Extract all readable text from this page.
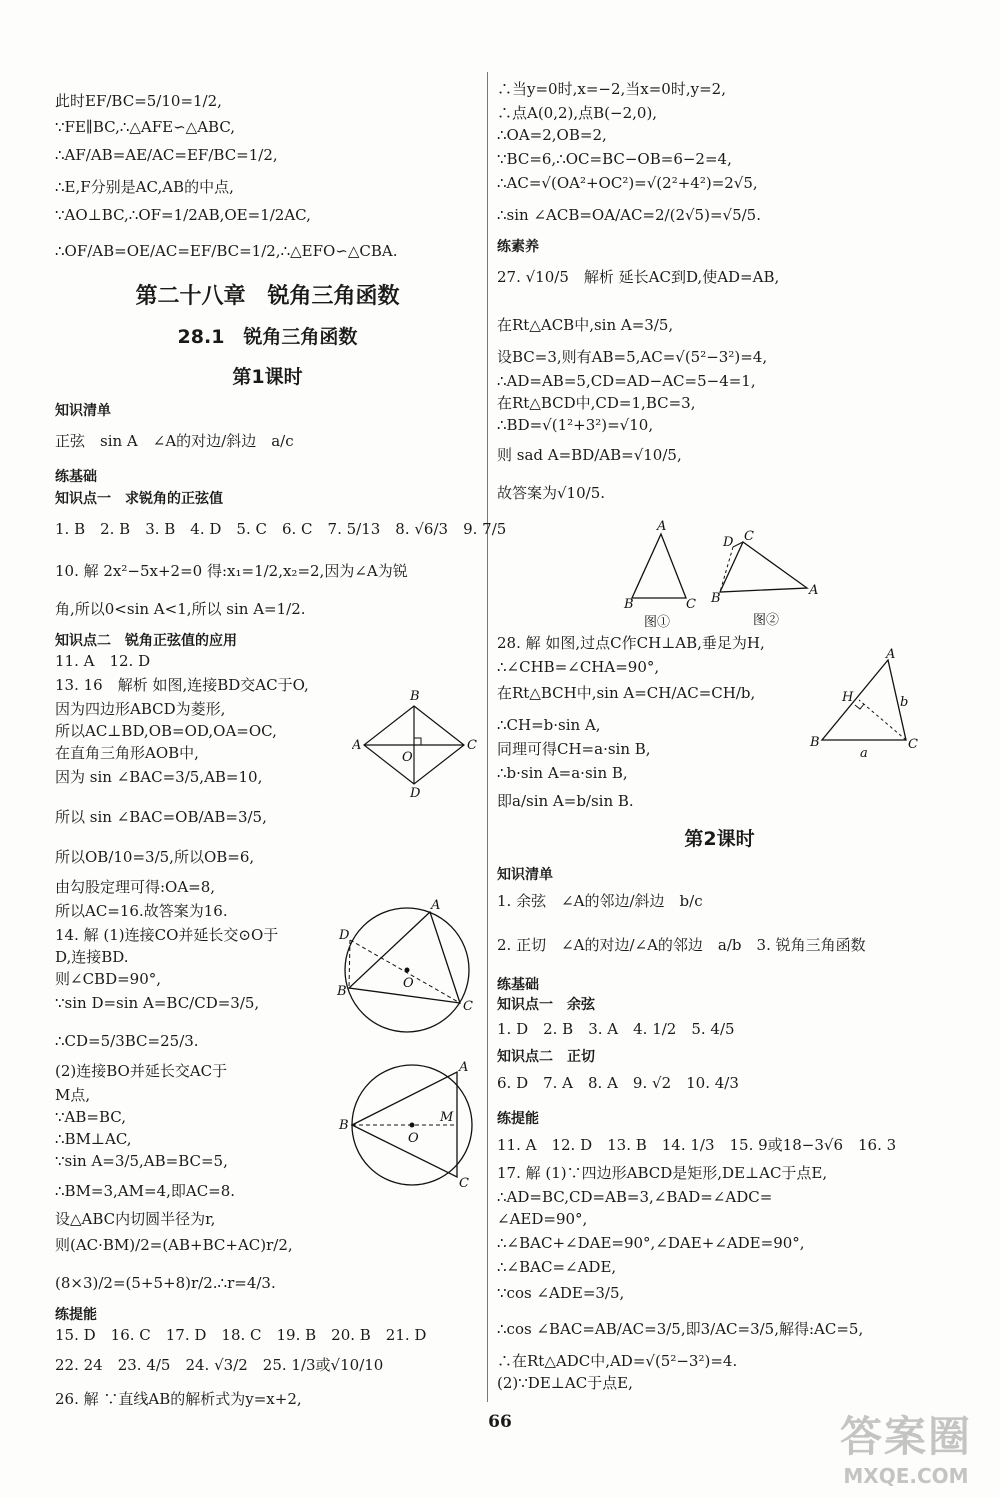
此时EF/BC=5/10=1/2,
∵FE∥BC,∴△AFE∽△ABC,
∴AF/AB=AE/AC=EF/BC=1/2,
∴E,F分别是AC,AB的中点,
∵AO⊥BC,∴OF=1/2AB,OE=1/2AC,
∴OF/AB=OE/AC=EF/BC=1/2,∴△EFO∽△CBA.
第二十八章　锐角三角函数
28.1　锐角三角函数
第1课时
知识清单
正弦　sin A　∠A的对边/斜边　a/c
练基础
知识点一　求锐角的正弦值
1. B　2. B　3. B　4. D　5. C　6. C　7. 5/13　8. √6/3　9. 7/5
10. 解 2x²−5x+2=0 得:x₁=1/2,x₂=2,因为∠A为锐
角,所以0<sin A<1,所以 sin A=1/2.
知识点二　锐角正弦值的应用
11. A　12. D
13. 16　解析 如图,连接BD交AC于O,
因为四边形ABCD为菱形,
所以AC⊥BD,OB=OD,OA=OC,
在直角三角形AOB中,
因为 sin ∠BAC=3/5,AB=10,
所以 sin ∠BAC=OB/AB=3/5,
所以OB/10=3/5,所以OB=6,
由勾股定理可得:OA=8,
所以AC=16.故答案为16.
14. 解 (1)连接CO并延长交⊙O于
D,连接BD.
则∠CBD=90°,
∵sin D=sin A=BC/CD=3/5,
∴CD=5/3BC=25/3.
(2)连接BO并延长交AC于
M点,
∵AB=BC,
∴BM⊥AC,
∵sin A=3/5,AB=BC=5,
∴BM=3,AM=4,即AC=8.
设△ABC内切圆半径为r,
则(AC·BM)/2=(AB+BC+AC)r/2,
(8×3)/2=(5+5+8)r/2.∴r=4/3.
练提能
15. D　16. C　17. D　18. C　19. B　20. B　21. D
22. 24　23. 4/5　24. √3/2　25. 1/3或√10/10
26. 解 ∵直线AB的解析式为y=x+2,
∴当y=0时,x=−2,当x=0时,y=2,
∴点A(0,2),点B(−2,0),
∴OA=2,OB=2,
∵BC=6,∴OC=BC−OB=6−2=4,
∴AC=√(OA²+OC²)=√(2²+4²)=2√5,
∴sin ∠ACB=OA/AC=2/(2√5)=√5/5.
练素养
27. √10/5　解析 延长AC到D,使AD=AB,
在Rt△ACB中,sin A=3/5,
设BC=3,则有AB=5,AC=√(5²−3²)=4,
∴AD=AB=5,CD=AD−AC=5−4=1,
在Rt△BCD中,CD=1,BC=3,
∴BD=√(1²+3²)=√10,
则 sad A=BD/AB=√10/5,
故答案为√10/5.
28. 解 如图,过点C作CH⊥AB,垂足为H,
∴∠CHB=∠CHA=90°,
在Rt△BCH中,sin A=CH/AC=CH/b,
∴CH=b·sin A,
同理可得CH=a·sin B,
∴b·sin A=a·sin B,
即a/sin A=b/sin B.
第2课时
知识清单
1. 余弦　∠A的邻边/斜边　b/c
2. 正切　∠A的对边/∠A的邻边　a/b　3. 锐角三角函数
练基础
知识点一　余弦
1. D　2. B　3. A　4. 1/2　5. 4/5
知识点二　正切
6. D　7. A　8. A　9. √2　10. 4/3
练提能
11. A　12. D　13. B　14. 1/3　15. 9或18−3√6　16. 3
17. 解 (1)∵四边形ABCD是矩形,DE⊥AC于点E,
∴AD=BC,CD=AB=3,∠BAD=∠ADC=
∠AED=90°,
∴∠BAC+∠DAE=90°,∠DAE+∠ADE=90°,
∴∠BAC=∠ADE,
∵cos ∠ADE=3/5,
∴cos ∠BAC=AB/AC=3/5,即3/AC=3/5,解得:AC=5,
∴在Rt△ADC中,AD=√(5²−3²)=4.
(2)∵DE⊥AC于点E,
B
C
D
A
O
A
B
C
D
O
A
B
C
M
O
A
B	C
图①
A
B
C
D
图②
A
B	C
H
a
b
66	答案圈
MXQE.COM
